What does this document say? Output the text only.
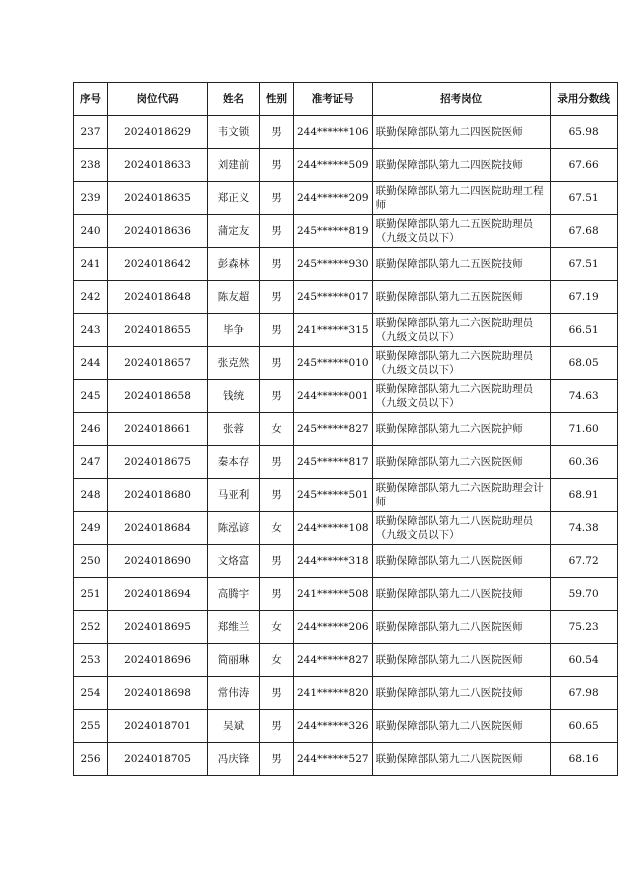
序号	岗位代码	姓名	性别	准考证号	招考岗位	录用分数线
237	2024018629	韦文锁	男	244******106	联勤保障部队第九二四医院医师	65.98
238	2024018633	刘建前	男	244******509	联勤保障部队第九二四医院技师	67.66
239	2024018635	郑正义	男	244******209	联勤保障部队第九二四医院助理工程师	67.51
240	2024018636	蒲定友	男	245******819	联勤保障部队第九二五医院助理员（九级文员以下）	67.68
241	2024018642	彭森林	男	245******930	联勤保障部队第九二五医院技师	67.51
242	2024018648	陈友超	男	245******017	联勤保障部队第九二五医院医师	67.19
243	2024018655	毕争	男	241******315	联勤保障部队第九二六医院助理员（九级文员以下）	66.51
244	2024018657	张克然	男	245******010	联勤保障部队第九二六医院助理员（九级文员以下）	68.05
245	2024018658	钱统	男	244******001	联勤保障部队第九二六医院助理员（九级文员以下）	74.63
246	2024018661	张蓉	女	245******827	联勤保障部队第九二六医院护师	71.60
247	2024018675	秦本存	男	245******817	联勤保障部队第九二六医院医师	60.36
248	2024018680	马亚利	男	245******501	联勤保障部队第九二六医院助理会计师	68.91
249	2024018684	陈泓谚	女	244******108	联勤保障部队第九二八医院助理员（九级文员以下）	74.38
250	2024018690	文烙富	男	244******318	联勤保障部队第九二八医院医师	67.72
251	2024018694	高腾宇	男	241******508	联勤保障部队第九二八医院技师	59.70
252	2024018695	郑维兰	女	244******206	联勤保障部队第九二八医院医师	75.23
253	2024018696	简丽琳	女	244******827	联勤保障部队第九二八医院医师	60.54
254	2024018698	常伟涛	男	241******820	联勤保障部队第九二八医院技师	67.98
255	2024018701	吴斌	男	244******326	联勤保障部队第九二八医院医师	60.65
256	2024018705	冯庆锋	男	244******527	联勤保障部队第九二八医院医师	68.16
